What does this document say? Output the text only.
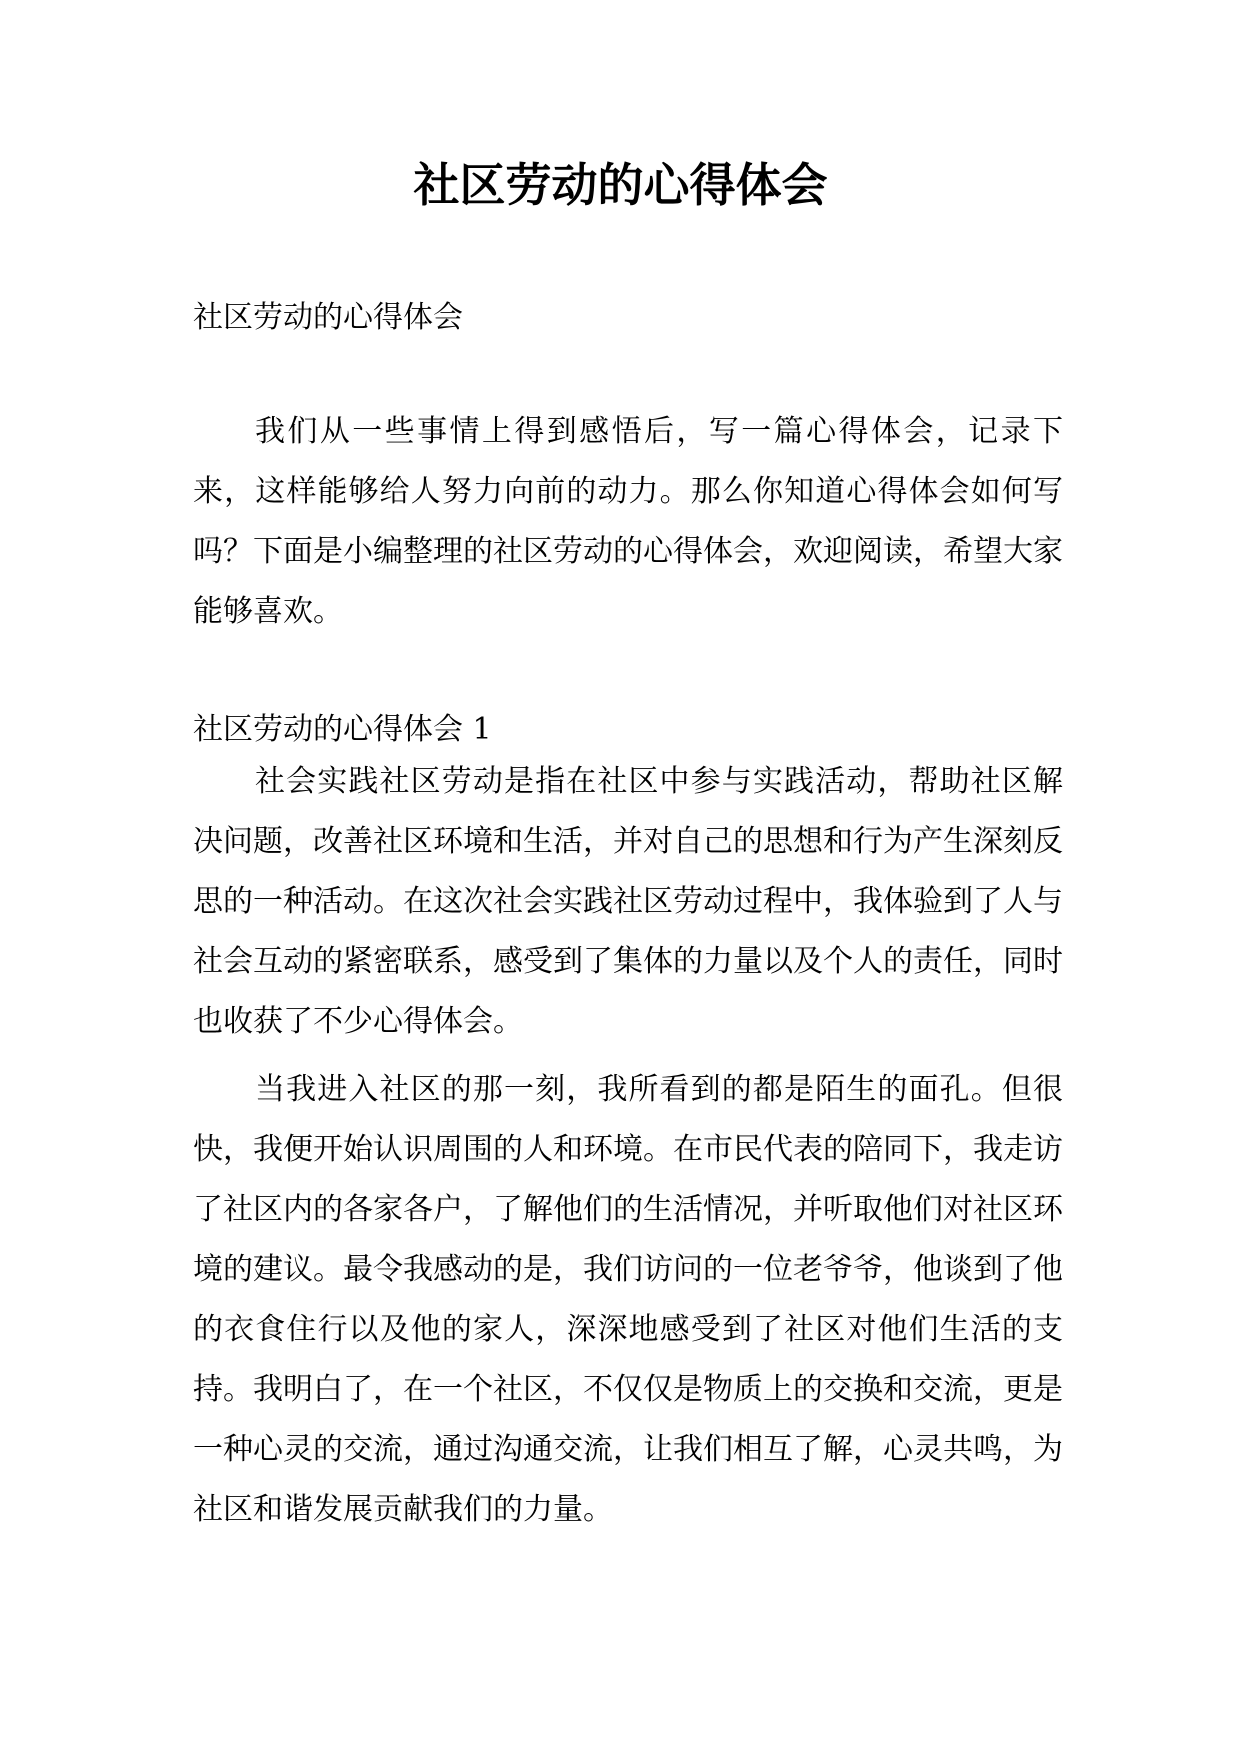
社区劳动的心得体会

社区劳动的心得体会

我们从一些事情上得到感悟后，写一篇心得体会，记录下来，这样能够给人努力向前的动力。那么你知道心得体会如何写吗？下面是小编整理的社区劳动的心得体会，欢迎阅读，希望大家能够喜欢。

社区劳动的心得体会 1

社会实践社区劳动是指在社区中参与实践活动，帮助社区解决问题，改善社区环境和生活，并对自己的思想和行为产生深刻反思的一种活动。在这次社会实践社区劳动过程中，我体验到了人与社会互动的紧密联系，感受到了集体的力量以及个人的责任，同时也收获了不少心得体会。

当我进入社区的那一刻，我所看到的都是陌生的面孔。但很快，我便开始认识周围的人和环境。在市民代表的陪同下，我走访了社区内的各家各户，了解他们的生活情况，并听取他们对社区环境的建议。最令我感动的是，我们访问的一位老爷爷，他谈到了他的衣食住行以及他的家人，深深地感受到了社区对他们生活的支持。我明白了，在一个社区，不仅仅是物质上的交换和交流，更是一种心灵的交流，通过沟通交流，让我们相互了解，心灵共鸣，为社区和谐发展贡献我们的力量。
